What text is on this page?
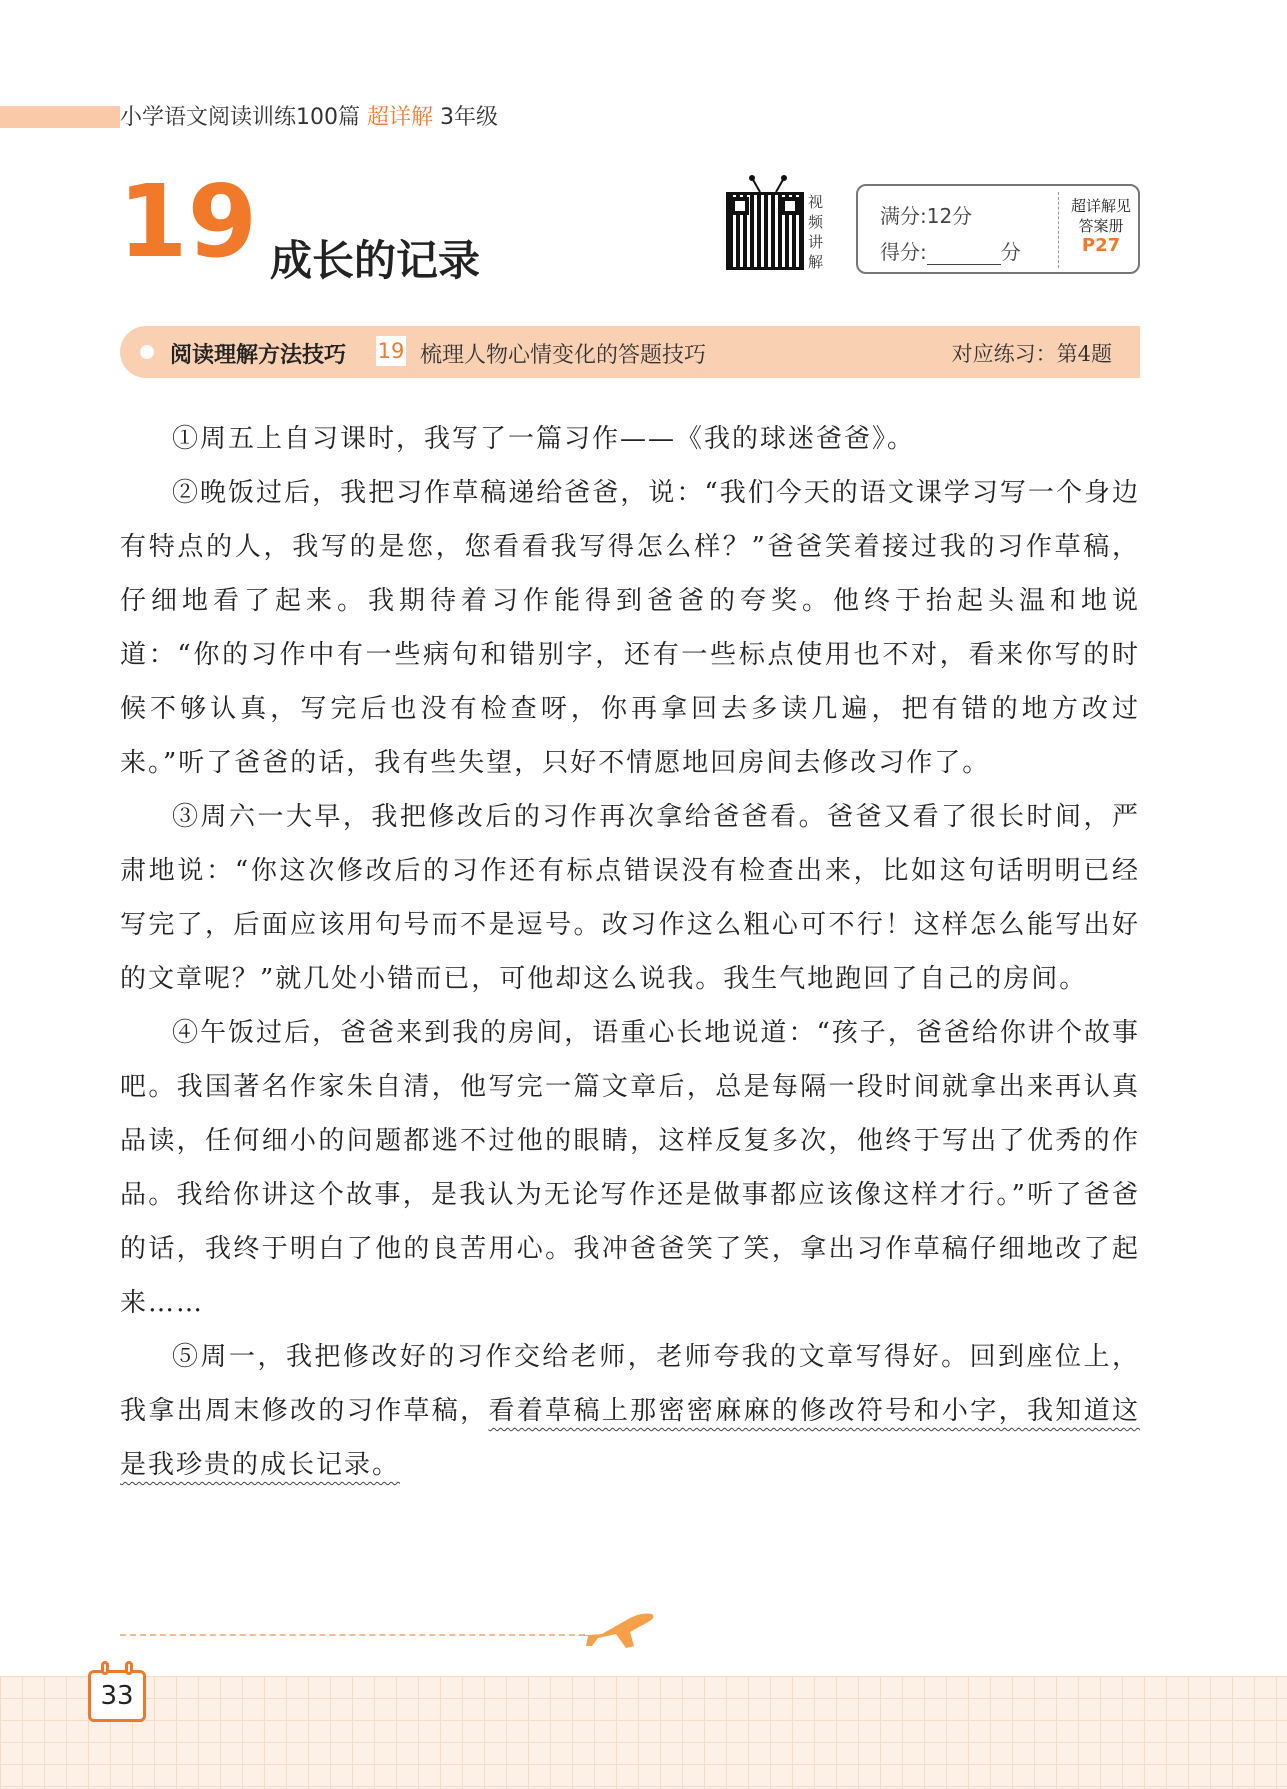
小学语文阅读训练100篇 超详解 3年级
19 成长的记录
视频讲解
满分:12分
得分:	分
超详解见
答案册
P27
阅读理解方法技巧 19 梳理人物心情变化的答题技巧	对应练习：第4题

①周五上自习课时，我写了一篇习作——《我的球迷爸爸》。

②晚饭过后，我把习作草稿递给爸爸，说：“我们今天的语文课学习写一个身边有特点的人，我写的是您，您看看我写得怎么样？”爸爸笑着接过我的习作草稿，仔细地看了起来。我期待着习作能得到爸爸的夸奖。他终于抬起头温和地说道：“你的习作中有一些病句和错别字，还有一些标点使用也不对，看来你写的时候不够认真，写完后也没有检查呀，你再拿回去多读几遍，把有错的地方改过来。”听了爸爸的话，我有些失望，只好不情愿地回房间去修改习作了。

③周六一大早，我把修改后的习作再次拿给爸爸看。爸爸又看了很长时间，严肃地说：“你这次修改后的习作还有标点错误没有检查出来，比如这句话明明已经写完了，后面应该用句号而不是逗号。改习作这么粗心可不行！这样怎么能写出好的文章呢？”就几处小错而已，可他却这么说我。我生气地跑回了自己的房间。

④午饭过后，爸爸来到我的房间，语重心长地说道：“孩子，爸爸给你讲个故事吧。我国著名作家朱自清，他写完一篇文章后，总是每隔一段时间就拿出来再认真品读，任何细小的问题都逃不过他的眼睛，这样反复多次，他终于写出了优秀的作品。我给你讲这个故事，是我认为无论写作还是做事都应该像这样才行。”听了爸爸的话，我终于明白了他的良苦用心。我冲爸爸笑了笑，拿出习作草稿仔细地改了起来……

⑤周一，我把修改好的习作交给老师，老师夸我的文章写得好。回到座位上，我拿出周末修改的习作草稿，看着草稿上那密密麻麻的修改符号和小字，我知道这是我珍贵的成长记录。

33
